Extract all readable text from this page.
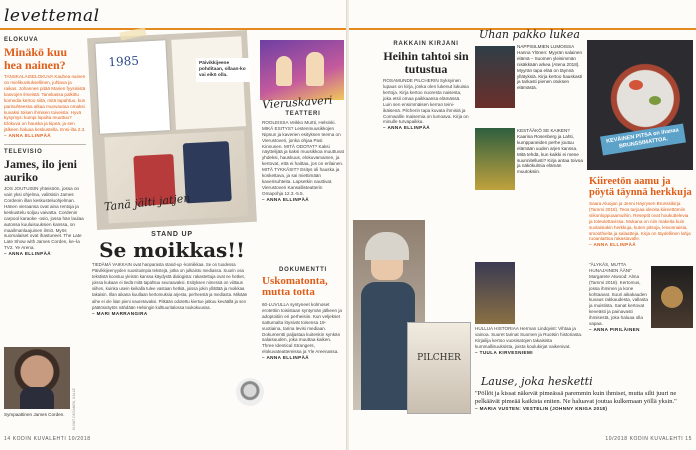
levettemal
ELOKUVA
Minäkö kuu hea nainen?
TANSKALAISELOKUVA Kauhea nainen on mielikuvituksellinen, juhlava ja raikas. Johannes pitää Marien fyysisistä kasvojen ilmeistä. Tanskassa palkittu komedia kertoo siitä, mitä tapahtuu, kun parisuhteessa alkaa muovautua omaksi kuvaksi toisen ihmisen toiveista. Hyvä kysymys: kumpi lopulta muuttuu? Elokuva on hauska ja kipeä, ja sen jälkeen haluaa keskustella. Ensi-ilta 2.3.
– ANNA ELLINPÄÄ
TELEVISIO
James, ilo jeni auriko
JOS JOUTUISIN yhteisöön, jossa on vain yksi ohjelma, valitsisin James Cordenin illan keskusteluohjelman. Hänen vieraansa ovat aina rentoja ja keskustelu soljuu vaivatta. Cordenin carpool karaoke -osio, jossa hän laulaa autossa kuuluisuuksien kanssa, on maailmanlaajuinen ilmiö. Myös suomalaiset ovat ihastuneet. The Late Late Show with James Corden, ke–la TV2. Ye Arena.
– ANNA ELLINPÄÄ
Sympaattinen James Corden.	KUVAT OKSANEN, KALLE
1985	Päivikkijeene pohditaan, ollaan-ko vai eikö olla.
Tanä jälti jatjen
STAND UP
Se moikkas!!
TIEDÄMÄ VAIKKAIN ovat hanparasta stand-up -komiikkaa. Se on tuodessa Päivikkijeenyyden suosituimpia tekstejä, jotka on julkaistu mediassa. Suurin osa tekstistä koostuu yleisön kanssa käydystä dialogista: rakastettuja ovat ne hetket, joissa kukaan ei tiedä mitä tapahtuu seuraavaksi. Esityksen nimessä on viittaus siihen, kuinka usein keikalla tulee vastaan hetkiä, joissa jokin yllättää ja moikkaa takaisin. Illan aikana kuullaan kertomuksia arjesta, perheestä ja mediasta. Mikään aihe ei ole liian pieni nauretavaksi. Pitkään odotettu kiertue jatkuu keväällä ja sen päätösnäytös nähdään Helsingin kulttuuritalossa toukokuussa.
– MARI MARRANGIRA
Vieruskaveri
TEATTERI
ROOLEISSA Veikko Murtti, Helsinki. MIKÄ ESITYS? Lestenmuusikkojen Nipsun ja kaverien esityksen teema on Vierustoveri, jonka ohjaa Pasi Kinnunen. MITÄ ODOTAT? Kaksi näyttelijää ja kaksi muusikkoa muuttuvat yhdeksi, hauskuus, elokuvamainen, ja kertovat, että ei haittaa, jos on erilainen. MITÄ TYKKÄSIT? Esitys oli hauska ja koskettava, ja sai miettimään kaverisuhteita. Lapsetkin nauttivat. Vierustoveri Kansallisteatterin Omapohja 12.3.-5.5.
– ANNA ELLINPÄÄ
DOKUMENTTI
Uskomatonta, mutta totta
60-LUVULLA syntyneet kolmoset erotettiin toisistaan syntymän jälkeen ja adoptoitiin eri perheisiin. Kun veljekset sattumalta löysivät toisensa 19-vuotiaina, tarina levisi mediaan. Dokumentti paljastaa kuitenkin synkän salaisuuden, joka muuttaa kaiken. Three Identical Strangers, elokuvateattereissa ja Yle Areenassa.
– ANNA ELLINPÄÄ
14 KODIN KUVALEHTI 10/2018
PILCHER
RAKKAIN KIRJANI
Heihin tahtoi sin tutustua
ROSAMUNDE PILCHERIN Syksyinen lupaus on kirja, jonka olen lukenut lukuisia kertoja. Kirja kertoo nuoresta naisesta, joka etsii omaa paikkaansa elämässä. Luin sen ensimmäisen kerran teini-ikäisenä. Pilcherin tapa kuvata ihmisiä ja Cornwallin maisemia on lumoava. Kirja on minulle turvapaikka.
– ANNA ELLINPÄÄ
Uhan pakko lukea
NAPPISILMIEN LUMOISSA Hanna Ylönen: Myyrän salainen elämä – Suomen yleisimmän nisäkkään arkea (Atena 2018). Myyrän tapa elää on täynnä yllätyksiä. Kirja kertoo hauskasti ja tarkasti pienen otuksen elämästä.
KESTÄÄKÖ SE KAIKEN? Kaarina Rosenberg ja Lahti, kumppaneiden perhe joutuu elämään uuden arjen kanssa. Mitä tehdä, kun kaikki ei mene suunnitellusti? Kirja antaa toivoa ja näkökulmia elämän muutoksiin.
HULLUA HISTORIAA Herman Lindqvist: Vihtaa ja vainoa. Suuret tarinat Suomen ja Ruotsin historiasta. Kirjailija kertoo vuosisatojen takaisista kummallisuuksista, joista koulukirjat vaikenivat.
– TUULA KIRVESNIEMI
KEVÄINEN PITSA on ihanaa BRUNSSIMATTOA.
Kiireetön aamu ja pöytä täynnä herkkuja
Saara Aluojan ja Jenni Häyrysen Brunssikirja (Tammi 2018). Teos tarjoaa ideoita kiireettömiin viikonloppuaamuihin. Reseptit ovat houkuttelevia ja toteutettavissa. Mukana on niin makeita kuin suolaisiakin herkkuja, kuten pitsoja, leivonnaisia, smoothieita ja salaatteja. Kirja on täydellinen lahja ruoanlaittoa rakastavalle.
– ANNA ELLINPÄÄ
"ÄLYKÄS, MUTTA HUNAJAINEN ÄÄNI" Margarete Atwood: Alma (Tammi 2018). Kertomus, jossa ihminen ja kone kohtaavat. Suuri aikakauden kuvaus rakkaudesta, vallasta ja muistista. Sanat kertovat keveästi ja painavasti ihmisestä, joka haluaa olla vapaa.
– ANNA PIRILÄINEN
Lause, joka hesketti
"Pöllöt ja kissat näkevät pimeässä paremmin kuin ihmiset, mutta silti juuri ne pelkäävät pimeää kaikista eniten. Ne haluavat joutua kulkemaan yöllä yksin."
– MARIA VUSTEN: VESTELIN (JOHNNY KNIGA 2018)
10/2018 KODIN KUVALEHTI 15
